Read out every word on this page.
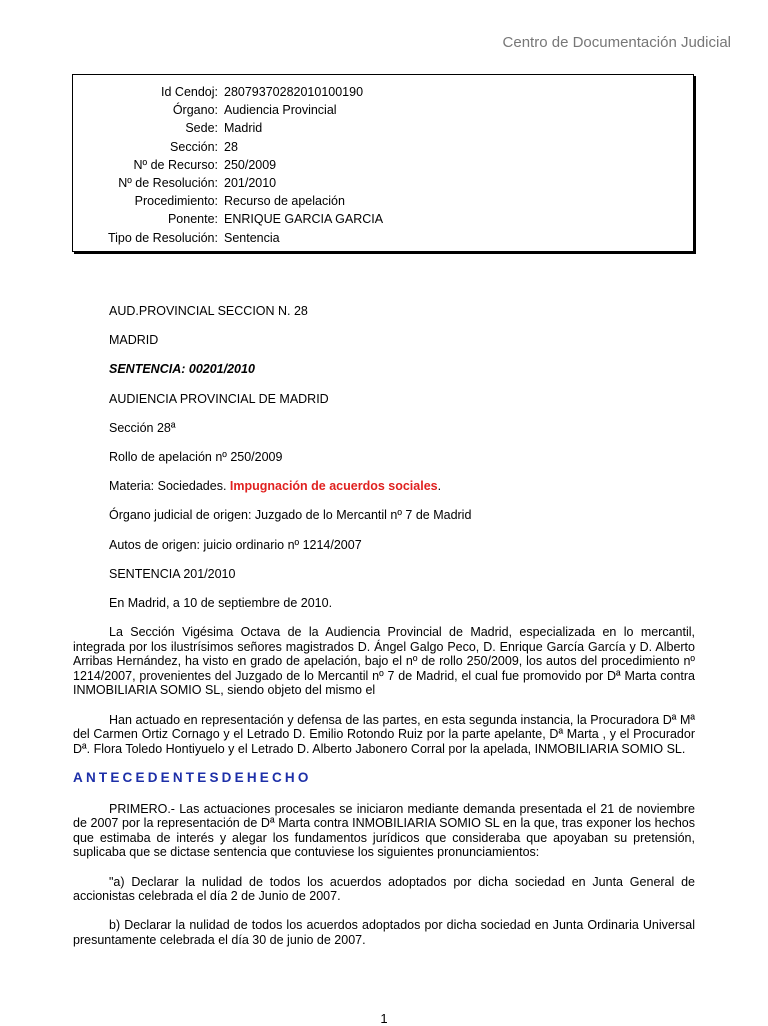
Centro de Documentación Judicial
Id Cendoj: 28079370282010100190
Órgano: Audiencia Provincial
Sede: Madrid
Sección: 28
Nº de Recurso: 250/2009
Nº de Resolución: 201/2010
Procedimiento: Recurso de apelación
Ponente: ENRIQUE GARCIA GARCIA
Tipo de Resolución: Sentencia

AUD.PROVINCIAL SECCION N. 28

MADRID

SENTENCIA: 00201/2010

AUDIENCIA PROVINCIAL DE MADRID

Sección 28ª

Rollo de apelación nº 250/2009

Materia: Sociedades. Impugnación de acuerdos sociales.

Órgano judicial de origen: Juzgado de lo Mercantil nº 7 de Madrid

Autos de origen: juicio ordinario nº 1214/2007

SENTENCIA 201/2010

En Madrid, a 10 de septiembre de 2010.

La Sección Vigésima Octava de la Audiencia Provincial de Madrid, especializada en lo mercantil, integrada por los ilustrísimos señores magistrados D. Ángel Galgo Peco, D. Enrique García García y D. Alberto Arribas Hernández, ha visto en grado de apelación, bajo el nº de rollo 250/2009, los autos del procedimiento nº 1214/2007, provenientes del Juzgado de lo Mercantil nº 7 de Madrid, el cual fue promovido por Dª Marta contra INMOBILIARIA SOMIO SL, siendo objeto del mismo el

Han actuado en representación y defensa de las partes, en esta segunda instancia, la Procuradora Dª Mª del Carmen Ortiz Cornago y el Letrado D. Emilio Rotondo Ruiz por la parte apelante, Dª Marta , y el Procurador Dª. Flora Toledo Hontiyuelo y el Letrado D. Alberto Jabonero Corral por la apelada, INMOBILIARIA SOMIO SL.

ANTECEDENTESDEHECHO

PRIMERO.- Las actuaciones procesales se iniciaron mediante demanda presentada el 21 de noviembre de 2007 por la representación de Dª Marta contra INMOBILIARIA SOMIO SL en la que, tras exponer los hechos que estimaba de interés y alegar los fundamentos jurídicos que consideraba que apoyaban su pretensión, suplicaba que se dictase sentencia que contuviese los siguientes pronunciamientos:

"a) Declarar la nulidad de todos los acuerdos adoptados por dicha sociedad en Junta General de accionistas celebrada el día 2 de Junio de 2007.

b) Declarar la nulidad de todos los acuerdos adoptados por dicha sociedad en Junta Ordinaria Universal presuntamente celebrada el día 30 de junio de 2007.

1
